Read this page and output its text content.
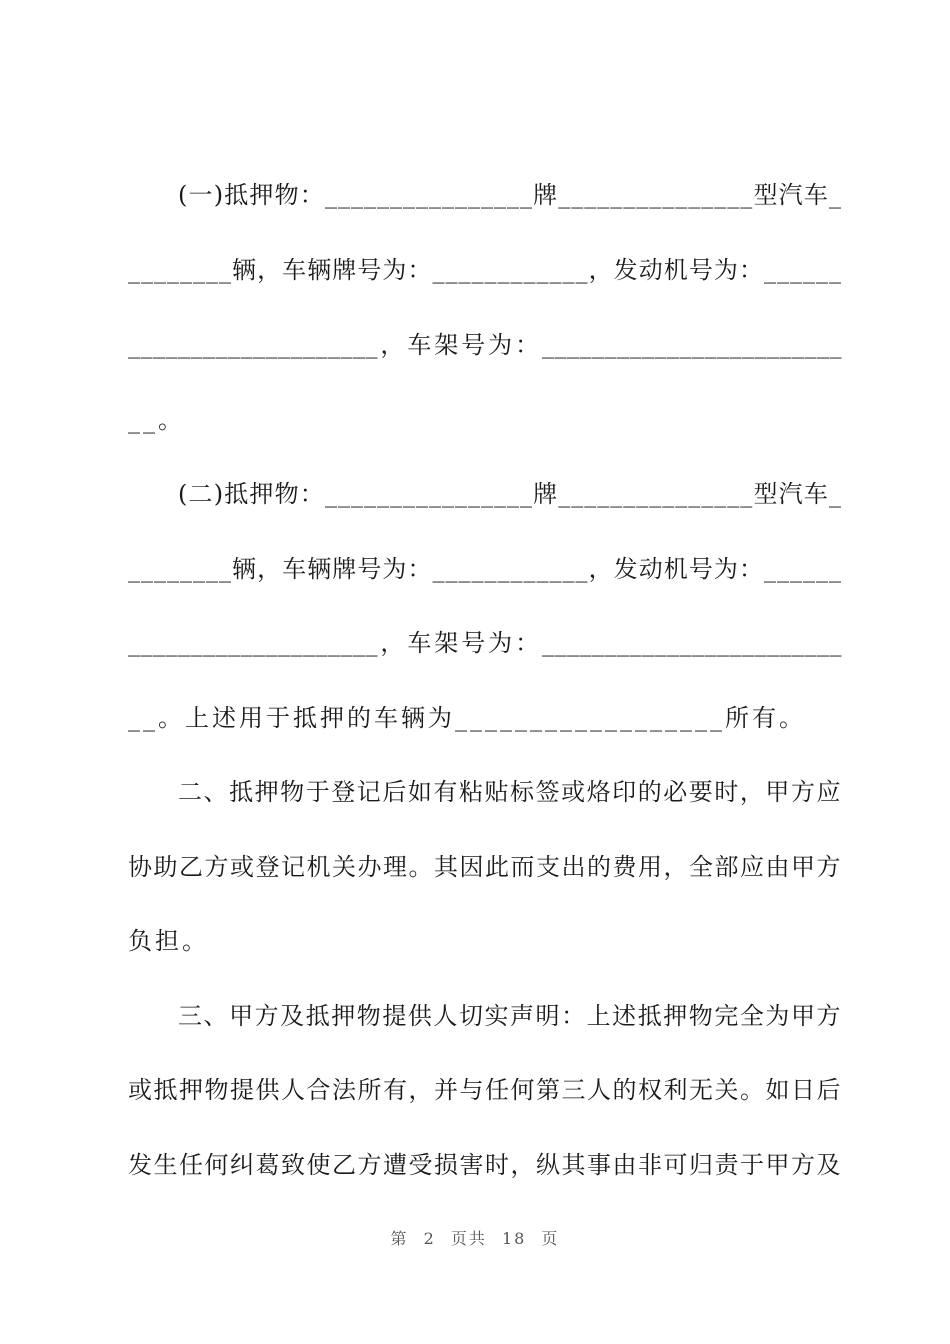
(一)抵押物：________________牌_______________型汽车_
________辆，车辆牌号为：____________，发动机号为：______
____________________，车架号为：________________________
__。
(二)抵押物：________________牌_______________型汽车_
________辆，车辆牌号为：____________，发动机号为：______
____________________，车架号为：________________________
__。上述用于抵押的车辆为__________________所有。
二、抵押物于登记后如有粘贴标签或烙印的必要时，甲方应
协助乙方或登记机关办理。其因此而支出的费用，全部应由甲方
负担。
三、甲方及抵押物提供人切实声明：上述抵押物完全为甲方
或抵押物提供人合法所有，并与任何第三人的权利无关。如日后
发生任何纠葛致使乙方遭受损害时，纵其事由非可归责于甲方及
第 2 页共 18 页
